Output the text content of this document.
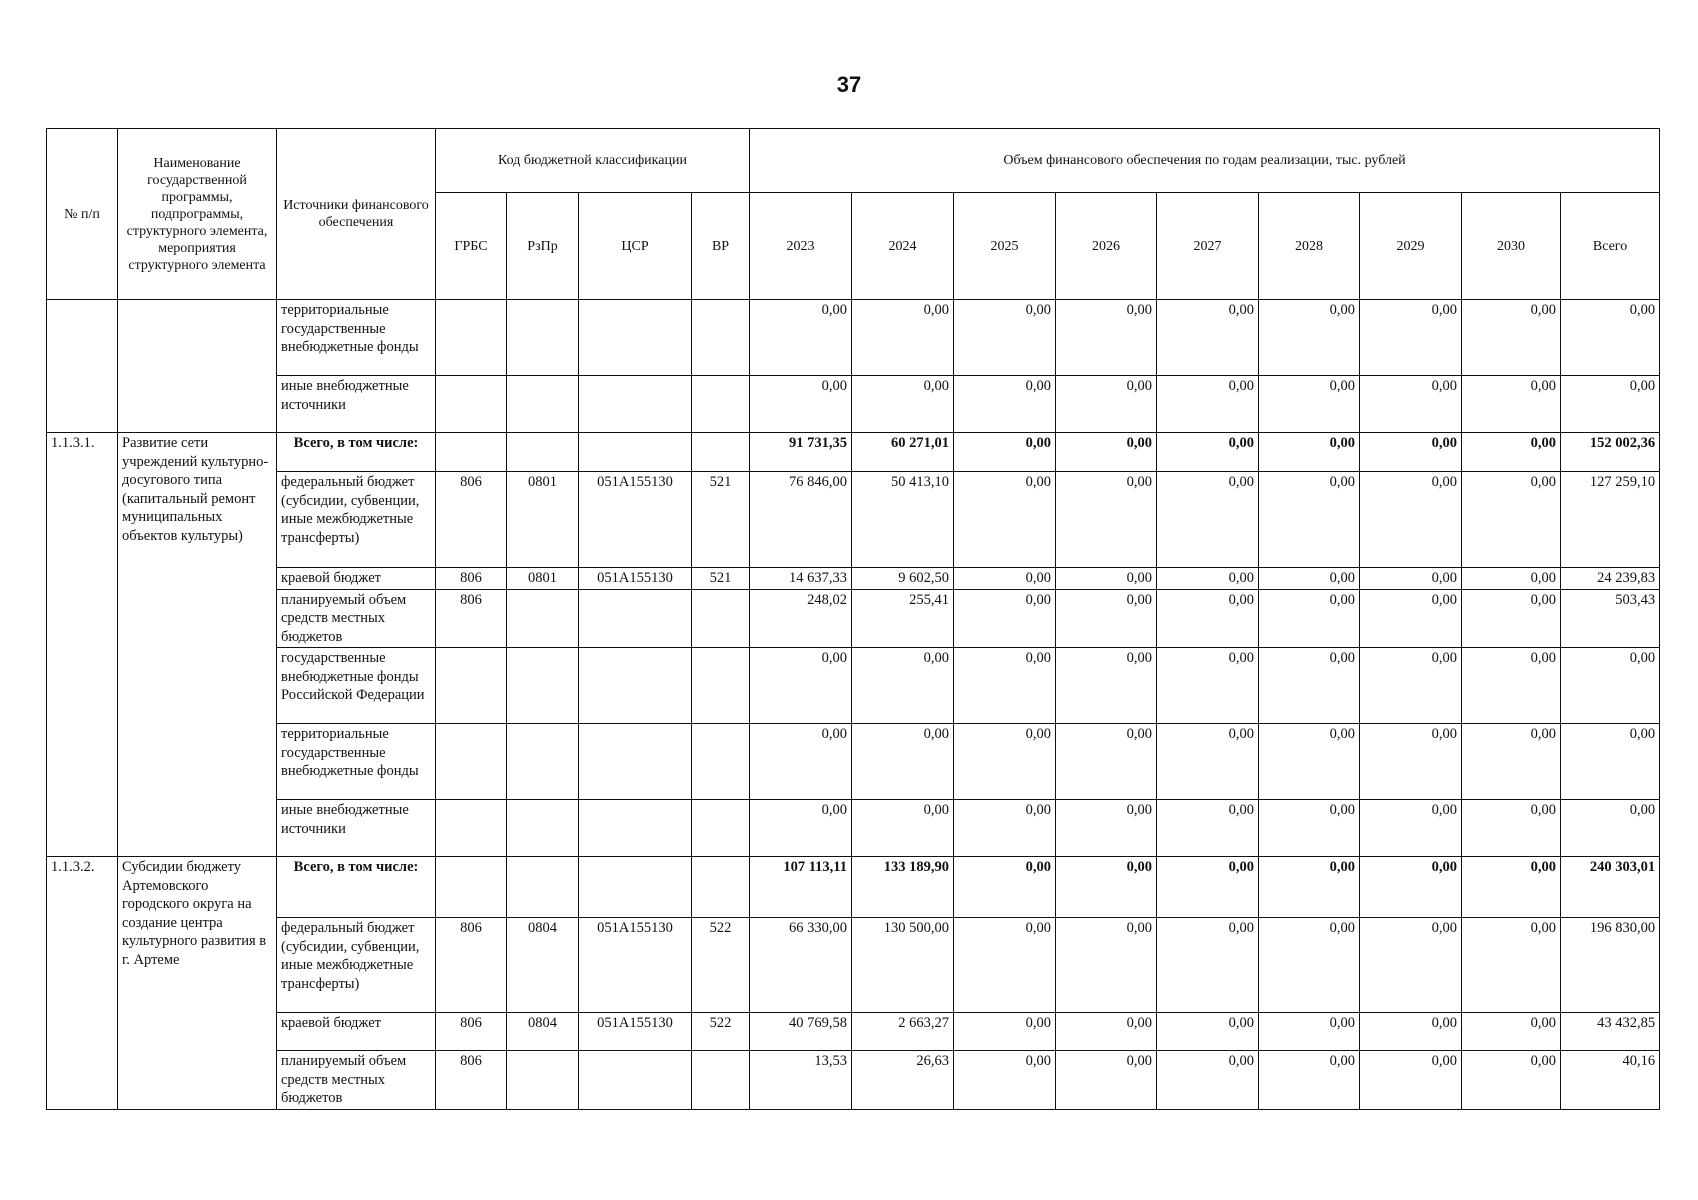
37
№ п/п	Наименование государственной программы, подпрограммы, структурного элемента, мероприятия структурного элемента	Источники финансового обеспечения	Код бюджетной классификации				Объем финансового обеспечения по годам реализации, тыс. рублей								
			ГРБС	РзПр	ЦСР	ВР	2023	2024	2025	2026	2027	2028	2029	2030	Всего
		территориальные государственные внебюджетные фонды					0,00	0,00	0,00	0,00	0,00	0,00	0,00	0,00	0,00
		иные внебюджетные источники					0,00	0,00	0,00	0,00	0,00	0,00	0,00	0,00	0,00
1.1.3.1.	Развитие сети учреждений культурно-досугового типа (капитальный ремонт муниципальных объектов культуры)	Всего, в том числе:					91 731,35	60 271,01	0,00	0,00	0,00	0,00	0,00	0,00	152 002,36
		федеральный бюджет (субсидии, субвенции, иные межбюджетные трансферты)	806	0801	051A155130	521	76 846,00	50 413,10	0,00	0,00	0,00	0,00	0,00	0,00	127 259,10
		краевой бюджет	806	0801	051A155130	521	14 637,33	9 602,50	0,00	0,00	0,00	0,00	0,00	0,00	24 239,83
		планируемый объем средств местных бюджетов	806				248,02	255,41	0,00	0,00	0,00	0,00	0,00	0,00	503,43
		государственные внебюджетные фонды Российской Федерации					0,00	0,00	0,00	0,00	0,00	0,00	0,00	0,00	0,00
		территориальные государственные внебюджетные фонды					0,00	0,00	0,00	0,00	0,00	0,00	0,00	0,00	0,00
		иные внебюджетные источники					0,00	0,00	0,00	0,00	0,00	0,00	0,00	0,00	0,00
1.1.3.2.	Субсидии бюджету Артемовского городского округа на создание центра культурного развития в г. Артеме	Всего, в том числе:					107 113,11	133 189,90	0,00	0,00	0,00	0,00	0,00	0,00	240 303,01
		федеральный бюджет (субсидии, субвенции, иные межбюджетные трансферты)	806	0804	051A155130	522	66 330,00	130 500,00	0,00	0,00	0,00	0,00	0,00	0,00	196 830,00
		краевой бюджет	806	0804	051A155130	522	40 769,58	2 663,27	0,00	0,00	0,00	0,00	0,00	0,00	43 432,85
		планируемый объем средств местных бюджетов	806				13,53	26,63	0,00	0,00	0,00	0,00	0,00	0,00	40,16
